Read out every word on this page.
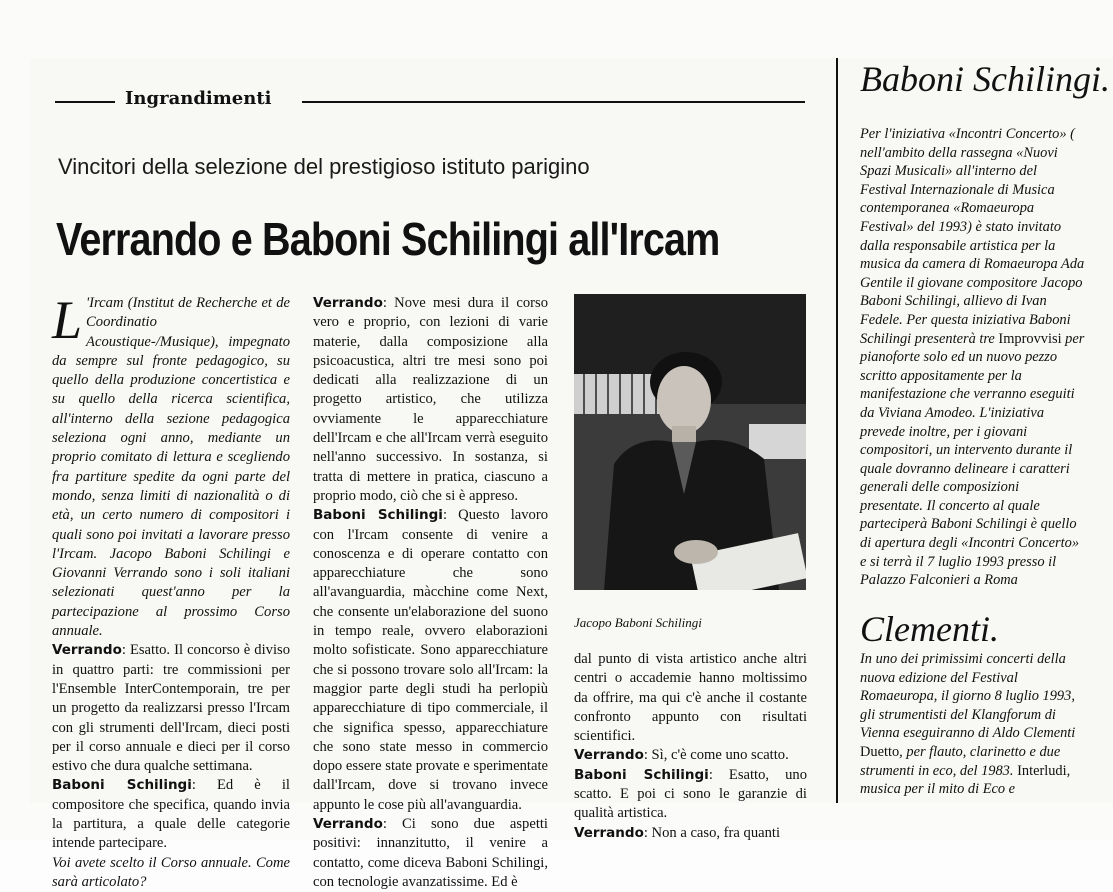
Ingrandimenti
Vincitori della selezione del prestigioso istituto parigino
Verrando e Baboni Schilingi all'Ircam

L 'Ircam (Institut de Recherche et de Coordinatio Acoustique-/Musique), impegnato da sempre sul fronte pedagogico, su quello della produzione concertistica e su quello della ricerca scientifica, all'interno della sezione pedagogica seleziona ogni anno, mediante un proprio comitato di lettura e scegliendo fra partiture spedite da ogni parte del mondo, senza limiti di nazionalità o di età, un certo numero di compositori i quali sono poi invitati a lavorare presso l'Ircam. Jacopo Baboni Schilingi e Giovanni Verrando sono i soli italiani selezionati quest'anno per la partecipazione al prossimo Corso annuale.

Verrando: Esatto. Il concorso è diviso in quattro parti: tre commissioni per l'Ensemble InterContemporain, tre per un progetto da realizzarsi presso l'Ircam con gli strumenti dell'Ircam, dieci posti per il corso annuale e dieci per il corso estivo che dura qualche settimana.

Baboni Schilingi: Ed è il compositore che specifica, quando invia la partitura, a quale delle categorie intende partecipare.

Voi avete scelto il Corso annuale. Come sarà articolato?

Verrando: Nove mesi dura il corso vero e proprio, con lezioni di varie materie, dalla composizione alla psicoacustica, altri tre mesi sono poi dedicati alla realizzazione di un progetto artistico, che utilizza ovviamente le apparecchiature dell'Ircam e che all'Ircam verrà eseguito nell'anno successivo. In sostanza, si tratta di mettere in pratica, ciascuno a proprio modo, ciò che si è appreso.

Baboni Schilingi: Questo lavoro con l'Ircam consente di venire a conoscenza e di operare contatto con apparecchiature che sono all'avanguardia, màcchine come Next, che consente un'elaborazione del suono in tempo reale, ovvero elaborazioni molto sofisticate. Sono apparecchiature che si possono trovare solo all'Ircam: la maggior parte degli studi ha perlopiù apparecchiature di tipo commerciale, il che significa spesso, apparecchiature che sono state messo in commercio dopo essere state provate e sperimentate dall'Ircam, dove si trovano invece appunto le cose più all'avanguardia.

Verrando: Ci sono due aspetti positivi: innanzitutto, il venire a contatto, come diceva Baboni Schilingi, con tecnologie avanzatissime. Ed è

Jacopo Baboni Schilingi

dal punto di vista artistico anche altri centri o accademie hanno moltissimo da offrire, ma qui c'è anche il costante confronto appunto con risultati scientifici.

Verrando: Sì, c'è come uno scatto.

Baboni Schilingi: Esatto, uno scatto. E poi ci sono le garanzie di qualità artistica.

Verrando: Non a caso, fra quanti

Baboni Schilingi.

Per l'iniziativa «Incontri Concerto» ( nell'ambito della rassegna «Nuovi Spazi Musicali» all'interno del Festival Internazionale di Musica contemporanea «Romaeuropa Festival» del 1993) è stato invitato dalla responsabile artistica per la musica da camera di Romaeuropa Ada Gentile il giovane compositore Jacopo Baboni Schilingi, allievo di Ivan Fedele. Per questa iniziativa Baboni Schilingi presenterà tre Improvvisi per pianoforte solo ed un nuovo pezzo scritto appositamente per la manifestazione che verranno eseguiti da Viviana Amodeo. L'iniziativa prevede inoltre, per i giovani compositori, un intervento durante il quale dovranno delineare i caratteri generali delle composizioni presentate. Il concerto al quale parteciperà Baboni Schilingi è quello di apertura degli «Incontri Concerto» e si terrà il 7 luglio 1993 presso il Palazzo Falconieri a Roma

Clementi.

In uno dei primissimi concerti della nuova edizione del Festival Romaeuropa, il giorno 8 luglio 1993, gli strumentisti del Klangforum di Vienna eseguiranno di Aldo Clementi Duetto, per flauto, clarinetto e due strumenti in eco, del 1983. Interludi, musica per il mito di Eco e
